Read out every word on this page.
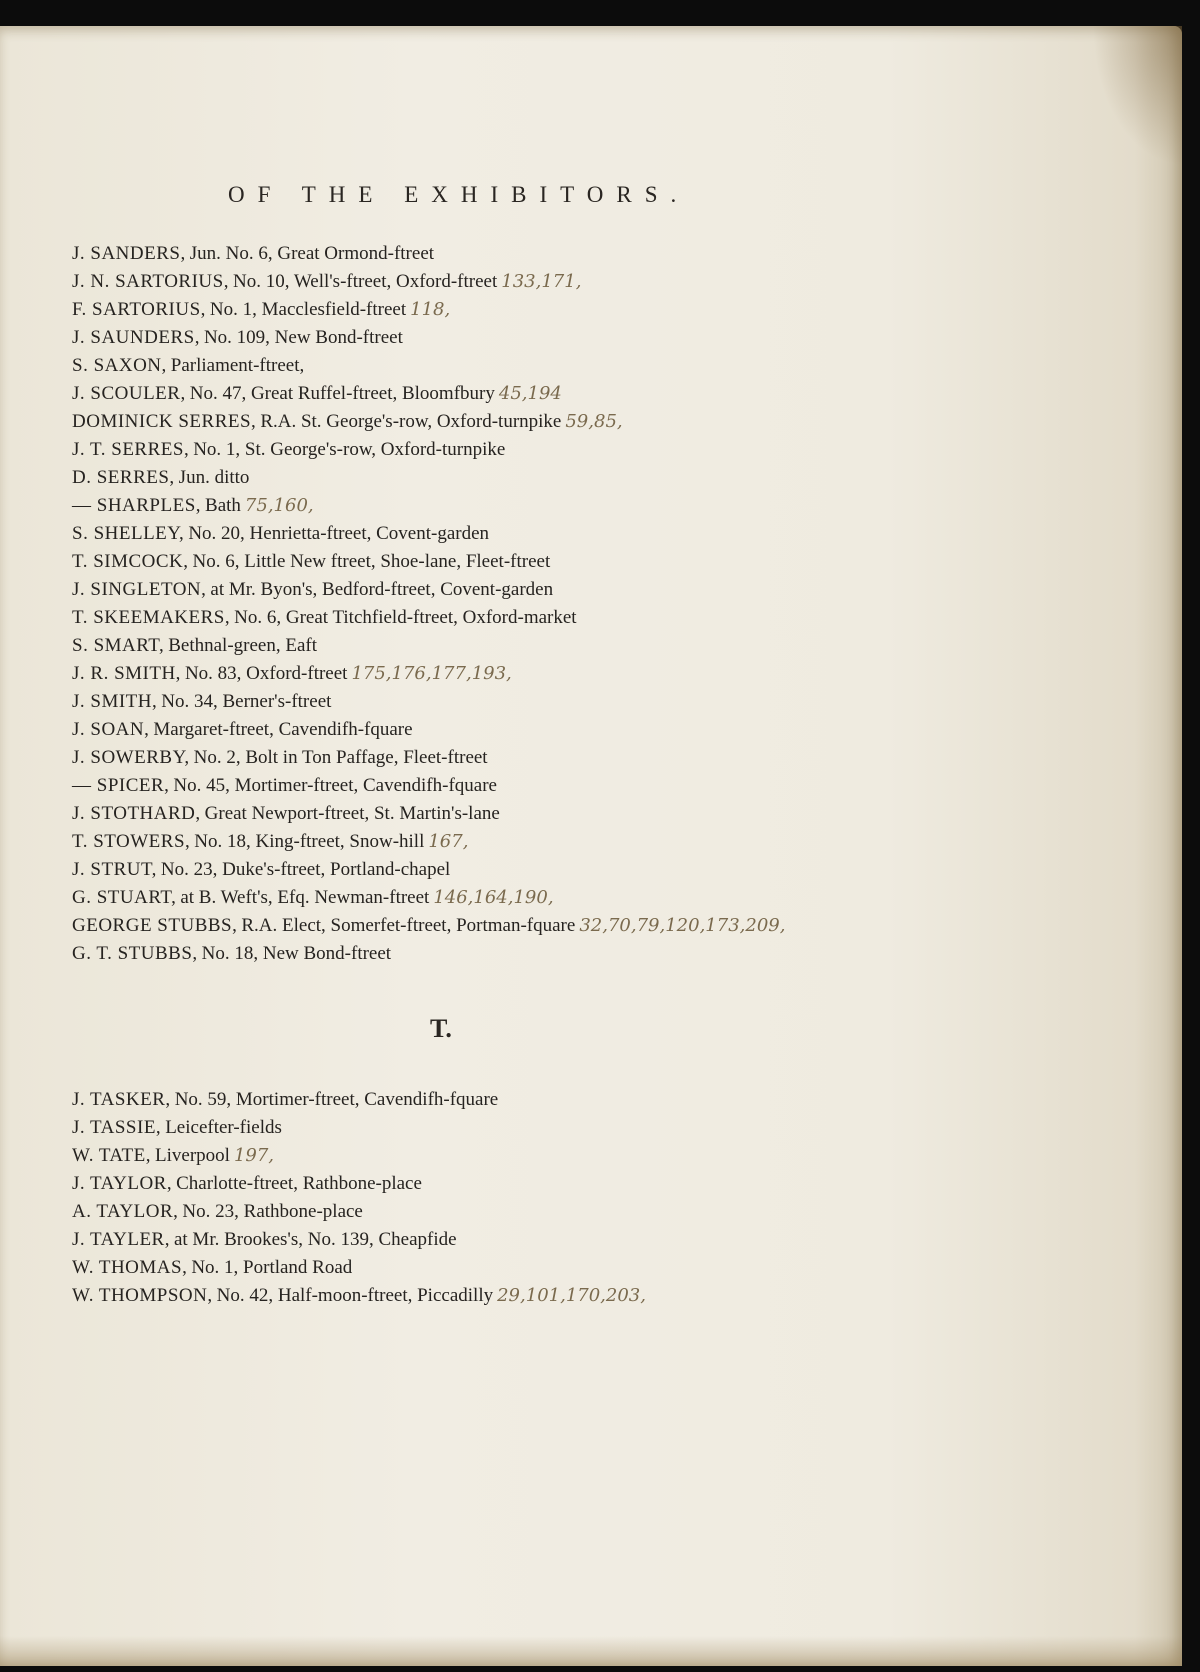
OF THE EXHIBITORS.
J. SANDERS, Jun. No. 6, Great Ormond-ftreet
J. N. SARTORIUS, No. 10, Well's-ftreet, Oxford-ftreet 133,171,
F. SARTORIUS, No. 1, Macclesfield-ftreet 118,
J. SAUNDERS, No. 109, New Bond-ftreet
S. SAXON, Parliament-ftreet,
J. SCOULER, No. 47, Great Ruffel-ftreet, Bloomfbury 45,194
DOMINICK SERRES, R.A. St. George's-row, Oxford-turnpike 59,85,
J. T. SERRES, No. 1, St. George's-row, Oxford-turnpike
D. SERRES, Jun. ditto
— SHARPLES, Bath 75,160,
S. SHELLEY, No. 20, Henrietta-ftreet, Covent-garden
T. SIMCOCK, No. 6, Little New ftreet, Shoe-lane, Fleet-ftreet
J. SINGLETON, at Mr. Byon's, Bedford-ftreet, Covent-garden
T. SKEEMAKERS, No. 6, Great Titchfield-ftreet, Oxford-market
S. SMART, Bethnal-green, Eaft
J. R. SMITH, No. 83, Oxford-ftreet 175,176,177,193,
J. SMITH, No. 34, Berner's-ftreet
J. SOAN, Margaret-ftreet, Cavendifh-fquare
J. SOWERBY, No. 2, Bolt in Ton Paffage, Fleet-ftreet
— SPICER, No. 45, Mortimer-ftreet, Cavendifh-fquare
J. STOTHARD, Great Newport-ftreet, St. Martin's-lane
T. STOWERS, No. 18, King-ftreet, Snow-hill 167,
J. STRUT, No. 23, Duke's-ftreet, Portland-chapel
G. STUART, at B. Weft's, Efq. Newman-ftreet 146,164,190,
GEORGE STUBBS, R.A. Elect, Somerfet-ftreet, Portman-fquare 32,70,79,120,173,209,
G. T. STUBBS, No. 18, New Bond-ftreet
T.
J. TASKER, No. 59, Mortimer-ftreet, Cavendifh-fquare
J. TASSIE, Leicefter-fields
W. TATE, Liverpool 197,
J. TAYLOR, Charlotte-ftreet, Rathbone-place
A. TAYLOR, No. 23, Rathbone-place
J. TAYLER, at Mr. Brookes's, No. 139, Cheapfide
W. THOMAS, No. 1, Portland Road
W. THOMPSON, No. 42, Half-moon-ftreet, Piccadilly 29,101,170,203,
